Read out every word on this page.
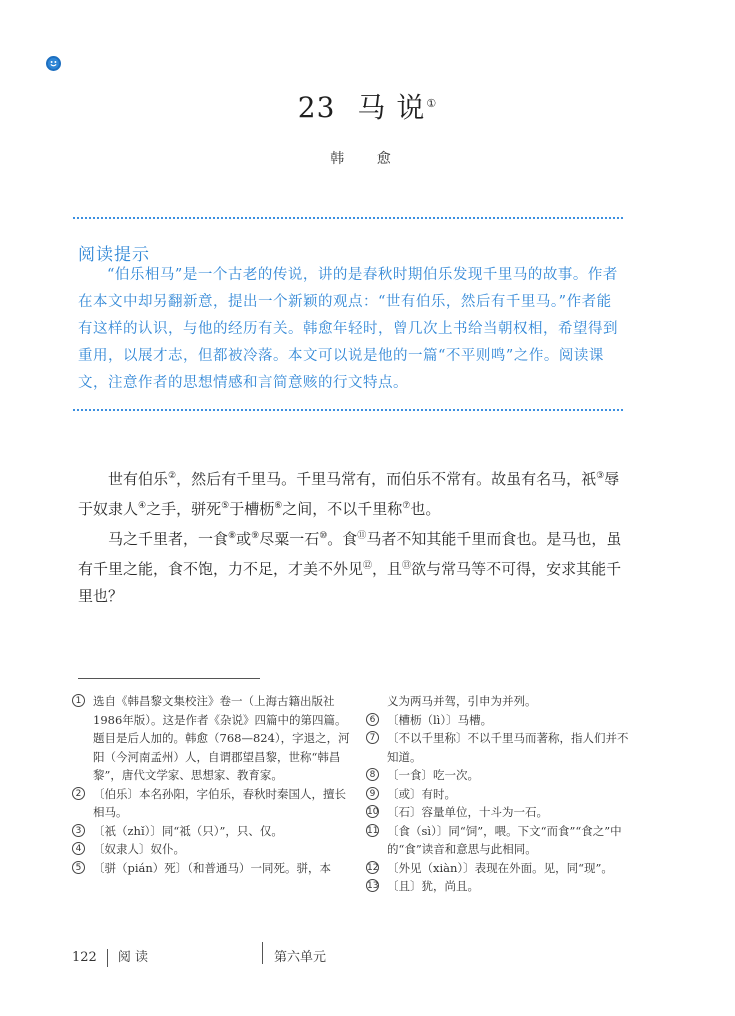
23 马 说①
韩 愈
阅读提示
“伯乐相马”是一个古老的传说，讲的是春秋时期伯乐发现千里马的故事。作者在本文中却另翻新意，提出一个新颖的观点：“世有伯乐，然后有千里马。”作者能有这样的认识，与他的经历有关。韩愈年轻时，曾几次上书给当朝权相，希望得到重用，以展才志，但都被冷落。本文可以说是他的一篇“不平则鸣”之作。阅读课文，注意作者的思想情感和言简意赅的行文特点。

世有伯乐②，然后有千里马。千里马常有，而伯乐不常有。故虽有名马，祇③辱于奴隶人④之手，骈死⑤于槽枥⑥之间，不以千里称⑦也。

马之千里者，一食⑧或⑨尽粟一石⑩。食⑪马者不知其能千里而食也。是马也，虽有千里之能，食不饱，力不足，才美不外见⑫，且⑬欲与常马等不可得，安求其能千里也？

1	选自《韩昌黎文集校注》卷一（上海古籍出版社1986年版）。这是作者《杂说》四篇中的第四篇。题目是后人加的。韩愈（768—824），字退之，河阳（今河南孟州）人，自谓郡望昌黎，世称“韩昌黎”，唐代文学家、思想家、教育家。
2	〔伯乐〕本名孙阳，字伯乐，春秋时秦国人，擅长相马。
3	〔祇（zhǐ）〕同“祗（只）”，只、仅。
4	〔奴隶人〕奴仆。
5	〔骈（pián）死〕（和普通马）一同死。骈，本
义为两马并驾，引申为并列。
6	〔槽枥（lì）〕马槽。
7	〔不以千里称〕不以千里马而著称，指人们并不知道。
8	〔一食〕吃一次。
9	〔或〕有时。
10 〔石〕容量单位，十斗为一石。
11 〔食（sì）〕同“饲”，喂。下文“而食”“食之”中的“食”读音和意思与此相同。
12 〔外见（xiàn）〕表现在外面。见，同“现”。
13 〔且〕犹，尚且。
122 阅 读	第六单元
